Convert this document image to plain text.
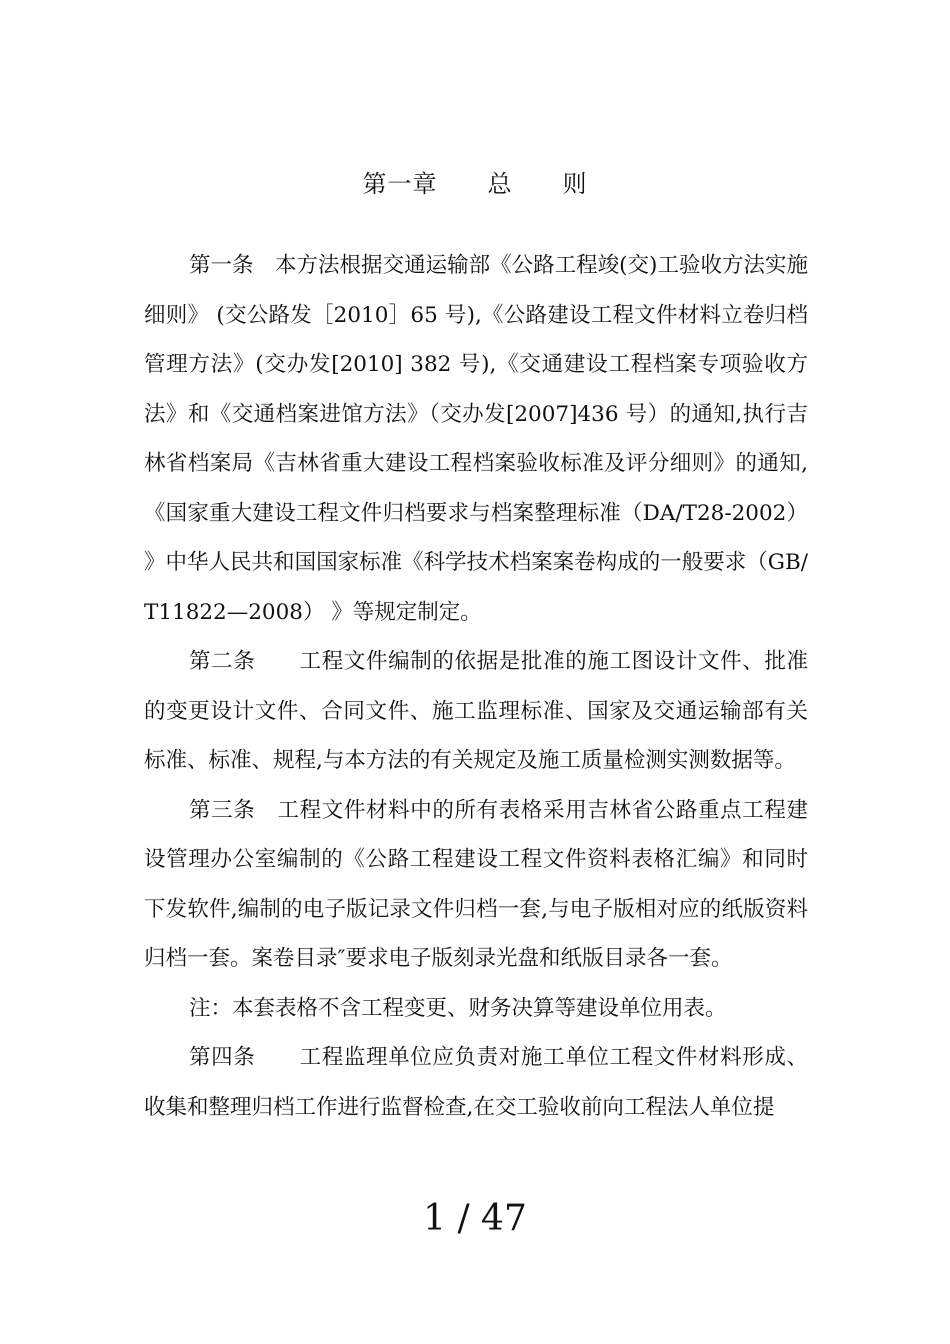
第一章　　总　　则

第一条　本方法根据交通运输部《公路工程竣(交)工验收方法实施细则》 (交公路发［2010］65 号),《公路建设工程文件材料立卷归档管理方法》(交办发[2010] 382 号),《交通建设工程档案专项验收方法》和《交通档案进馆方法》（交办发[2007]436 号）的通知,执行吉林省档案局《吉林省重大建设工程档案验收标准及评分细则》的通知,《国家重大建设工程文件归档要求与档案整理标准（DA/T28-2002） 》中华人民共和国国家标准《科学技术档案案卷构成的一般要求（GB/T11822—2008） 》等规定制定。

第二条　　工程文件编制的依据是批准的施工图设计文件、批准的变更设计文件、合同文件、施工监理标准、国家及交通运输部有关标准、标准、规程,与本方法的有关规定及施工质量检测实测数据等。

第三条　工程文件材料中的所有表格采用吉林省公路重点工程建设管理办公室编制的《公路工程建设工程文件资料表格汇编》和同时下发软件,编制的电子版记录文件归档一套,与电子版相对应的纸版资料归档一套。案卷目录″要求电子版刻录光盘和纸版目录各一套。

注：本套表格不含工程变更、财务决算等建设单位用表。

第四条　　工程监理单位应负责对施工单位工程文件材料形成、收集和整理归档工作进行监督检查,在交工验收前向工程法人单位提

1 / 47
